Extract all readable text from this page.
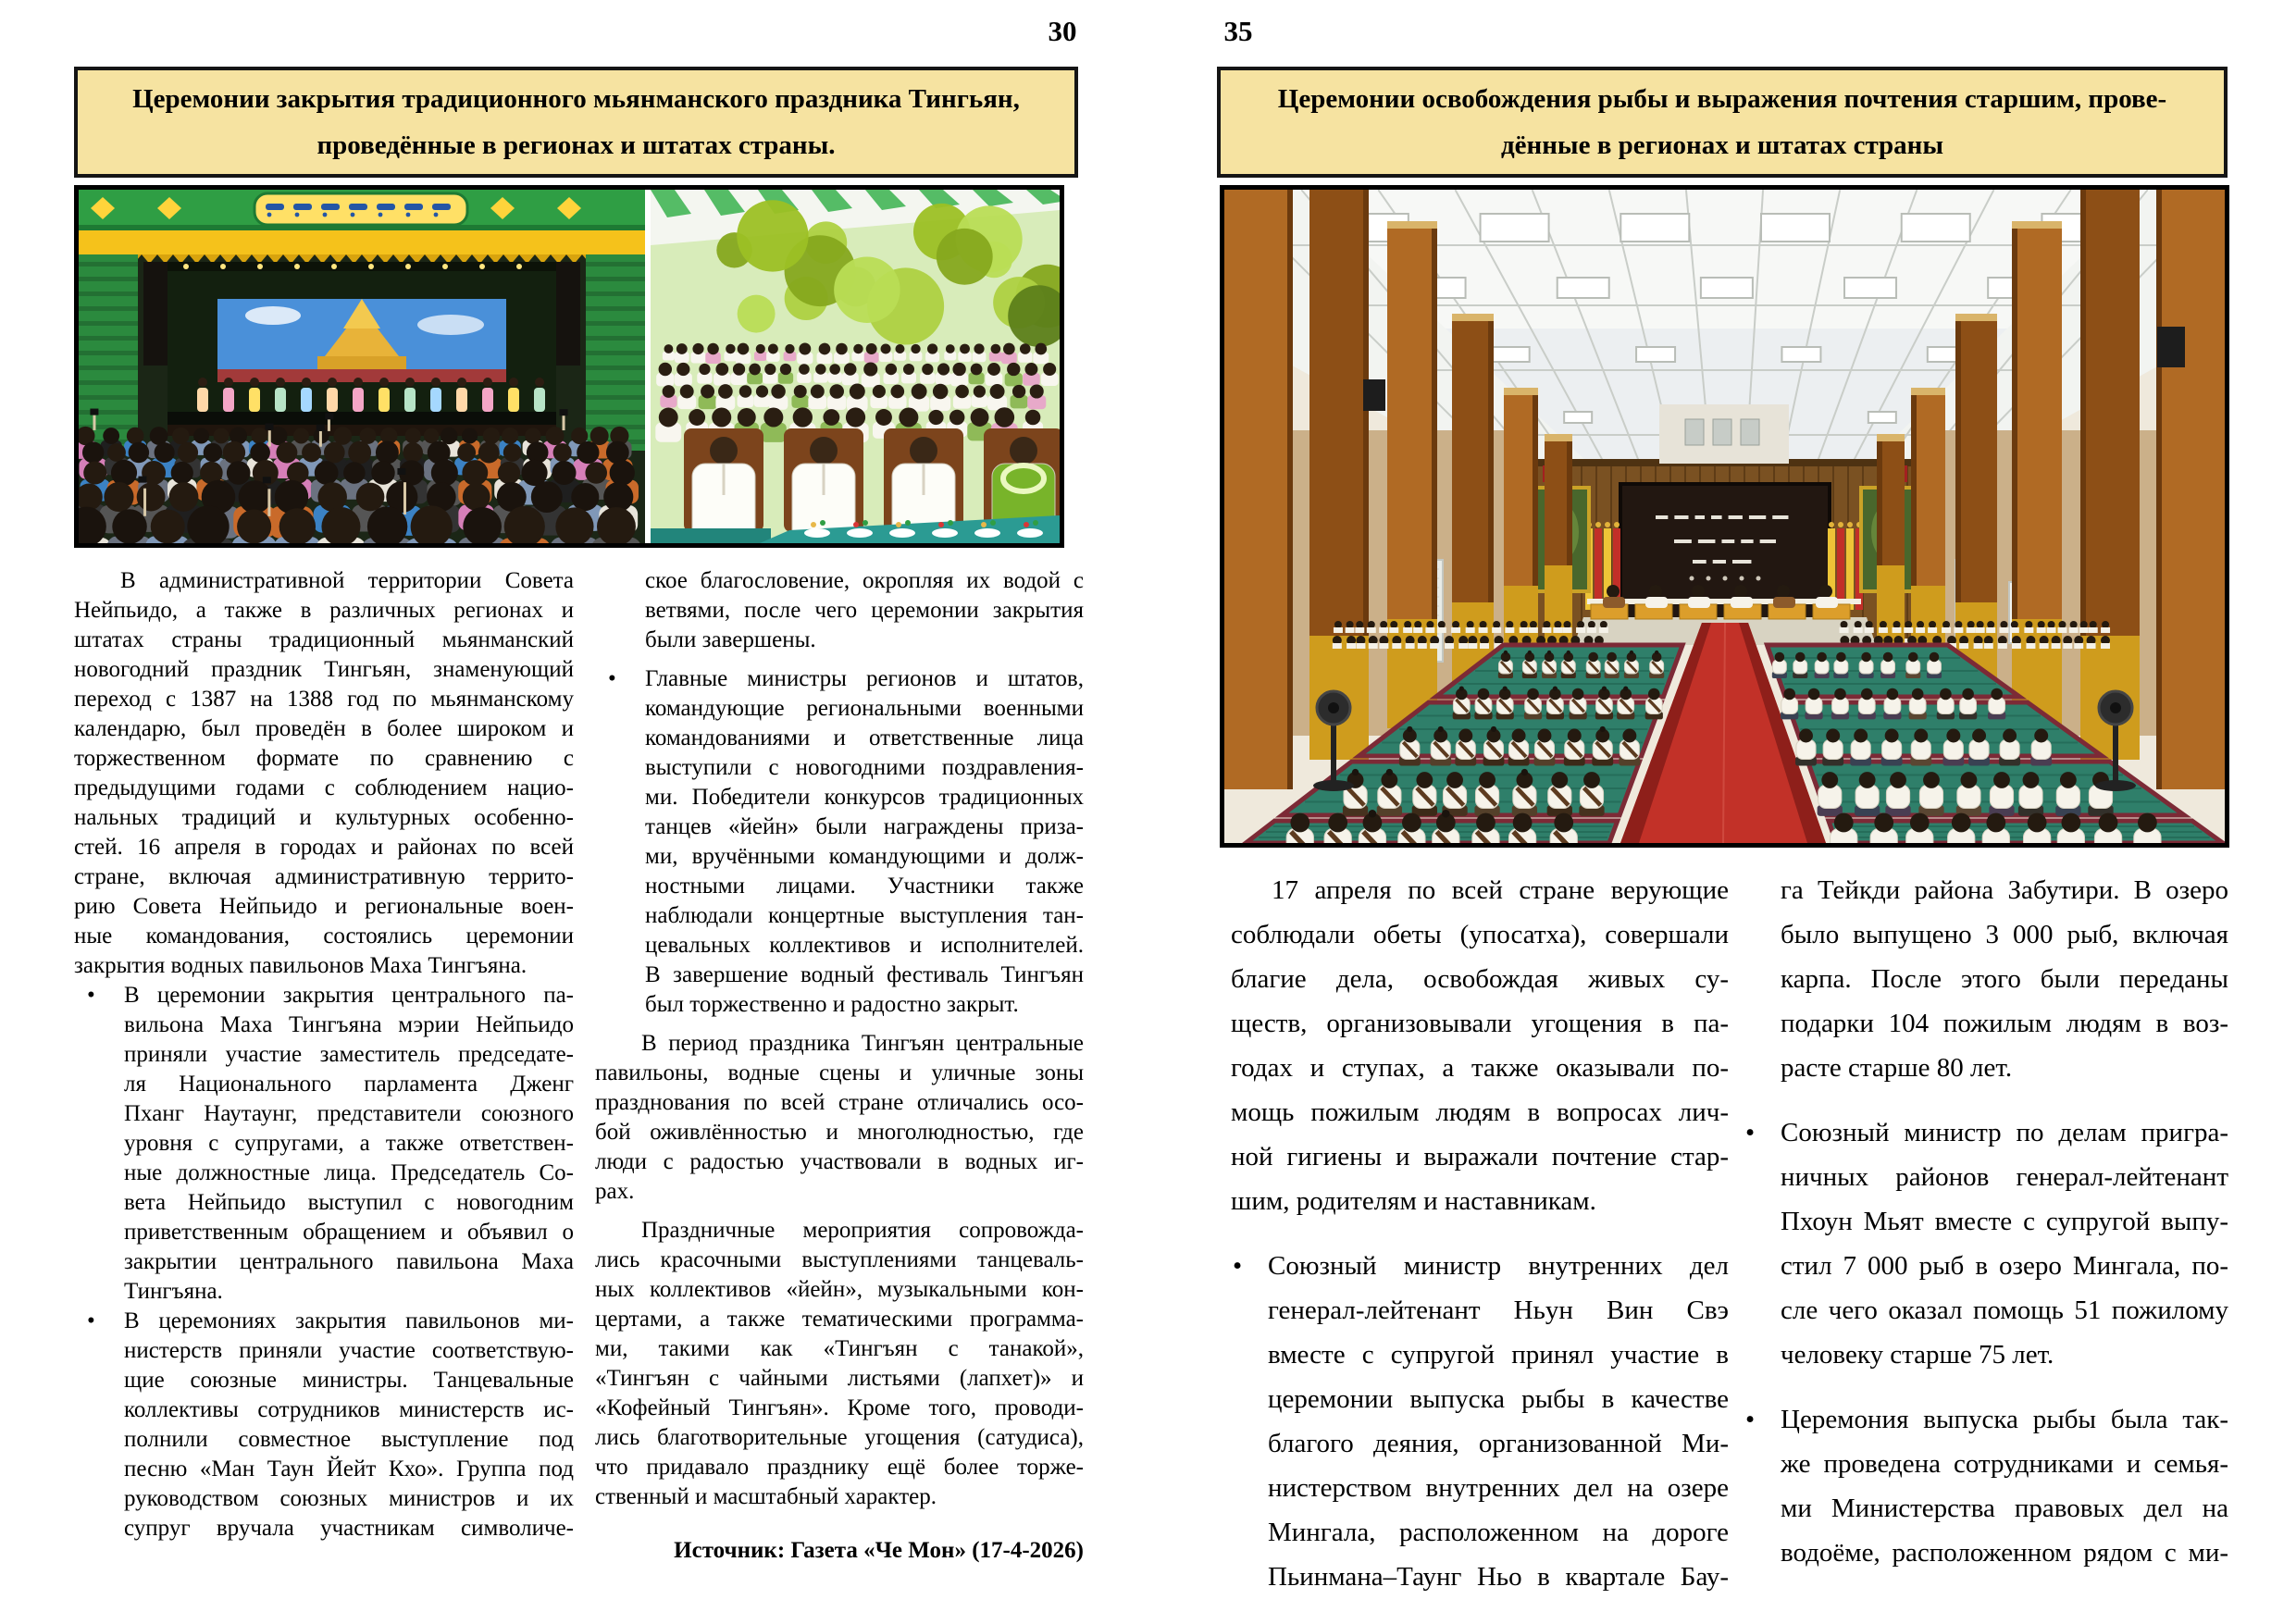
30	35
Церемонии закрытия традиционного мьянманского праздника Тингьян,
проведённые в регионах и штатах страны.
Церемонии освобождения рыбы и выражения почтения старшим, прове-
дённые в регионах и штатах страны
В административной территории Совета
Нейпьидо, а также в различных регионах и
штатах страны традиционный мьянманский
новогодний праздник Тингьян, знаменующий
переход с 1387 на 1388 год по мьянманскому
календарю, был проведён в более широком и
торжественном формате по сравнению с
предыдущими годами с соблюдением нацио-
нальных традиций и культурных особенно-
стей. 16 апреля в городах и районах по всей
стране, включая административную террито-
рию Совета Нейпьидо и региональные воен-
ные командования, состоялись церемонии
закрытия водных павильонов Маха Тингъяна.
• В церемонии закрытия центрального па-
вильона Маха Тингъяна мэрии Нейпьидо
приняли участие заместитель председате-
ля Национального парламента Дженг
Пханг Наутаунг, представители союзного
уровня с супругами, а также ответствен-
ные должностные лица. Председатель Со-
вета Нейпьидо выступил с новогодним
приветственным обращением и объявил о
закрытии центрального павильона Маха
Тингъяна.
• В церемониях закрытия павильонов ми-
нистерств приняли участие соответствую-
щие союзные министры. Танцевальные
коллективы сотрудников министерств ис-
полнили совместное выступление под
песню «Ман Таун Йейт Кхо». Группа под
руководством союзных министров и их
супруг вручала участникам символиче-
ское благословение, окропляя их водой с
ветвями, после чего церемонии закрытия
были завершены.
• Главные министры регионов и штатов,
командующие региональными военными
командованиями и ответственные лица
выступили с новогодними поздравления-
ми. Победители конкурсов традиционных
танцев «йейн» были награждены приза-
ми, вручёнными командующими и долж-
ностными лицами. Участники также
наблюдали концертные выступления тан-
цевальных коллективов и исполнителей.
В завершение водный фестиваль Тингъян
был торжественно и радостно закрыт.
В период праздника Тингъян центральные
павильоны, водные сцены и уличные зоны
празднования по всей стране отличались осо-
бой оживлённостью и многолюдностью, где
люди с радостью участвовали в водных иг-
рах.
Праздничные мероприятия сопровожда-
лись красочными выступлениями танцеваль-
ных коллективов «йейн», музыкальными кон-
цертами, а также тематическими программа-
ми, такими как «Тингъян с танакой»,
«Тингъян с чайными листьями (лапхет)» и
«Кофейный Тингъян». Кроме того, проводи-
лись благотворительные угощения (сатудиса),
что придавало празднику ещё более торже-
ственный и масштабный характер.
Источник: Газета «Че Мон» (17-4-2026)
17 апреля по всей стране верующие
соблюдали обеты (упосатха), совершали
благие дела, освобождая живых су-
ществ, организовывали угощения в па-
годах и ступах, а также оказывали по-
мощь пожилым людям в вопросах лич-
ной гигиены и выражали почтение стар-
шим, родителям и наставникам.
• Союзный министр внутренних дел
генерал-лейтенант Ньун Вин Свэ
вместе с супругой принял участие в
церемонии выпуска рыбы в качестве
благого деяния, организованной Ми-
нистерством внутренних дел на озере
Мингала, расположенном на дороге
Пьинмана–Таунг Ньо в квартале Бау-
га Тейкди района Забутири. В озеро
было выпущено 3 000 рыб, включая
карпа. После этого были переданы
подарки 104 пожилым людям в воз-
расте старше 80 лет.
• Союзный министр по делам пригра-
ничных районов генерал-лейтенант
Пхоун Мьят вместе с супругой выпу-
стил 7 000 рыб в озеро Мингала, по-
сле чего оказал помощь 51 пожилому
человеку старше 75 лет.
• Церемония выпуска рыбы была так-
же проведена сотрудниками и семья-
ми Министерства правовых дел на
водоёме, расположенном рядом с ми-
